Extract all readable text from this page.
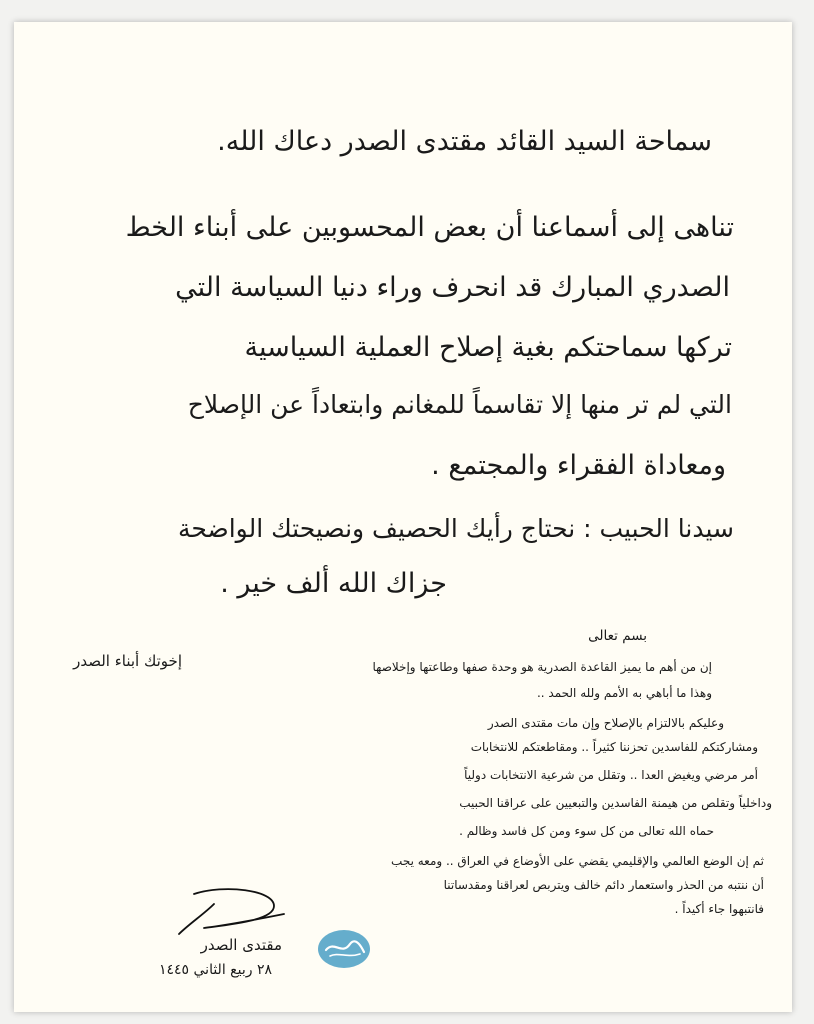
سماحة السيد القائد مقتدى الصدر دعاك الله.
تناهى إلى أسماعنا أن بعض المحسوبين على أبناء الخط
الصدري المبارك قد انحرف وراء دنيا السياسة التي
تركها سماحتكم بغية إصلاح العملية السياسية
التي لم تر منها إلا تقاسماً للمغانم وابتعاداً عن الإصلاح
ومعاداة الفقراء والمجتمع .
سيدنا الحبيب : نحتاج رأيك الحصيف ونصيحتك الواضحة
جزاك الله ألف خير .
بسم تعالى
إخوتك أبناء الصدر	إن من أهم ما يميز القاعدة الصدرية هو وحدة صفها وطاعتها وإخلاصها
وهذا ما أباهي به الأمم ولله الحمد ..
وعليكم بالالتزام بالإصلاح وإن مات مقتدى الصدر
ومشاركتكم للفاسدين تحزننا كثيراً .. ومقاطعتكم للانتخابات
أمر مرضي ويغيض العدا .. وتقلل من شرعية الانتخابات دولياً
وداخلياً وتقلص من هيمنة الفاسدين والتبعيين على عراقنا الحبيب
حماه الله تعالى من كل سوء ومن كل فاسد وظالم .
ثم إن الوضع العالمي والإقليمي يقضي على الأوضاع في العراق .. ومعه يجب
أن ننتبه من الحذر واستعمار دائم خالف ويتربص لعراقنا ومقدساتنا
فانتبهوا جاء أكيداً .
مقتدى الصدر
٢٨ ربيع الثاني ١٤٤٥
